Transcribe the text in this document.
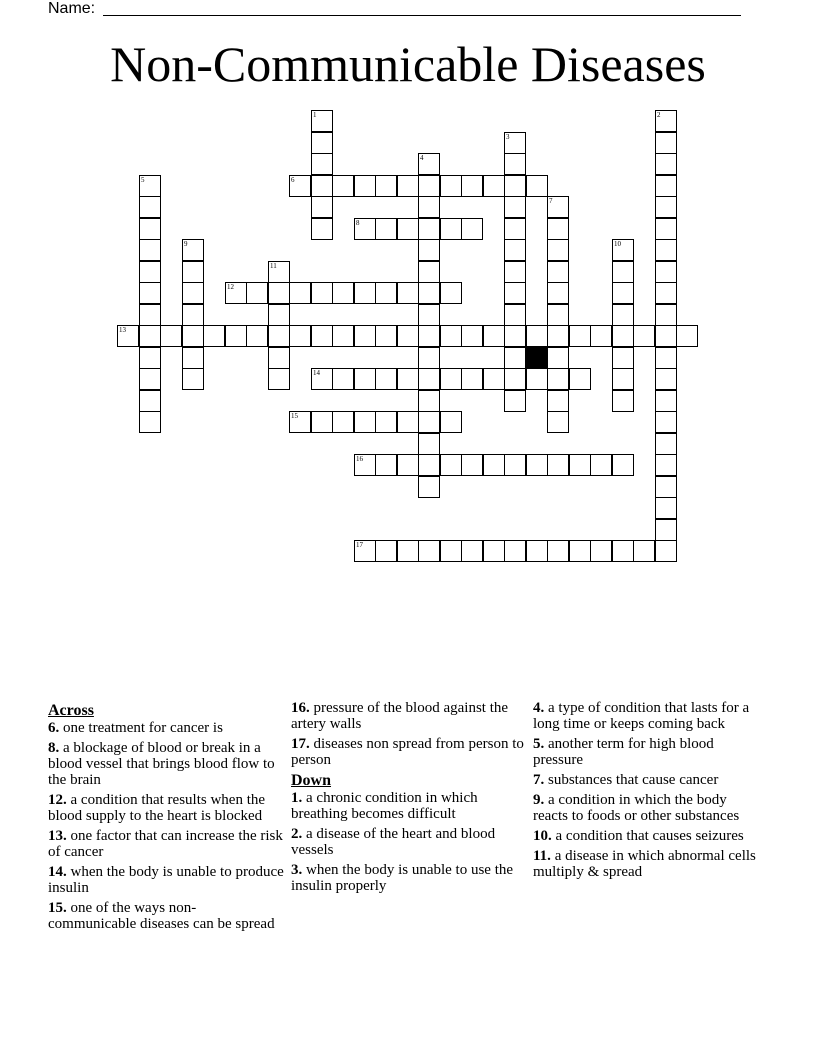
Name:
Non-Communicable Diseases
6
8
12
13
14
15
16
17
1	2
3
4
5
7
9	10
11
Across
6. one treatment for cancer is
8. a blockage of blood or break in a blood vessel that brings blood flow to the brain
12. a condition that results when the blood supply to the heart is blocked
13. one factor that can increase the risk of cancer
14. when the body is unable to produce insulin
15. one of the ways non-communicable diseases can be spread
16. pressure of the blood against the artery walls
17. diseases non spread from person to person
Down
1. a chronic condition in which breathing becomes difficult
2. a disease of the heart and blood vessels
3. when the body is unable to use the insulin properly
4. a type of condition that lasts for a long time or keeps coming back
5. another term for high blood pressure
7. substances that cause cancer
9. a condition in which the body reacts to foods or other substances
10. a condition that causes seizures
11. a disease in which abnormal cells multiply & spread
